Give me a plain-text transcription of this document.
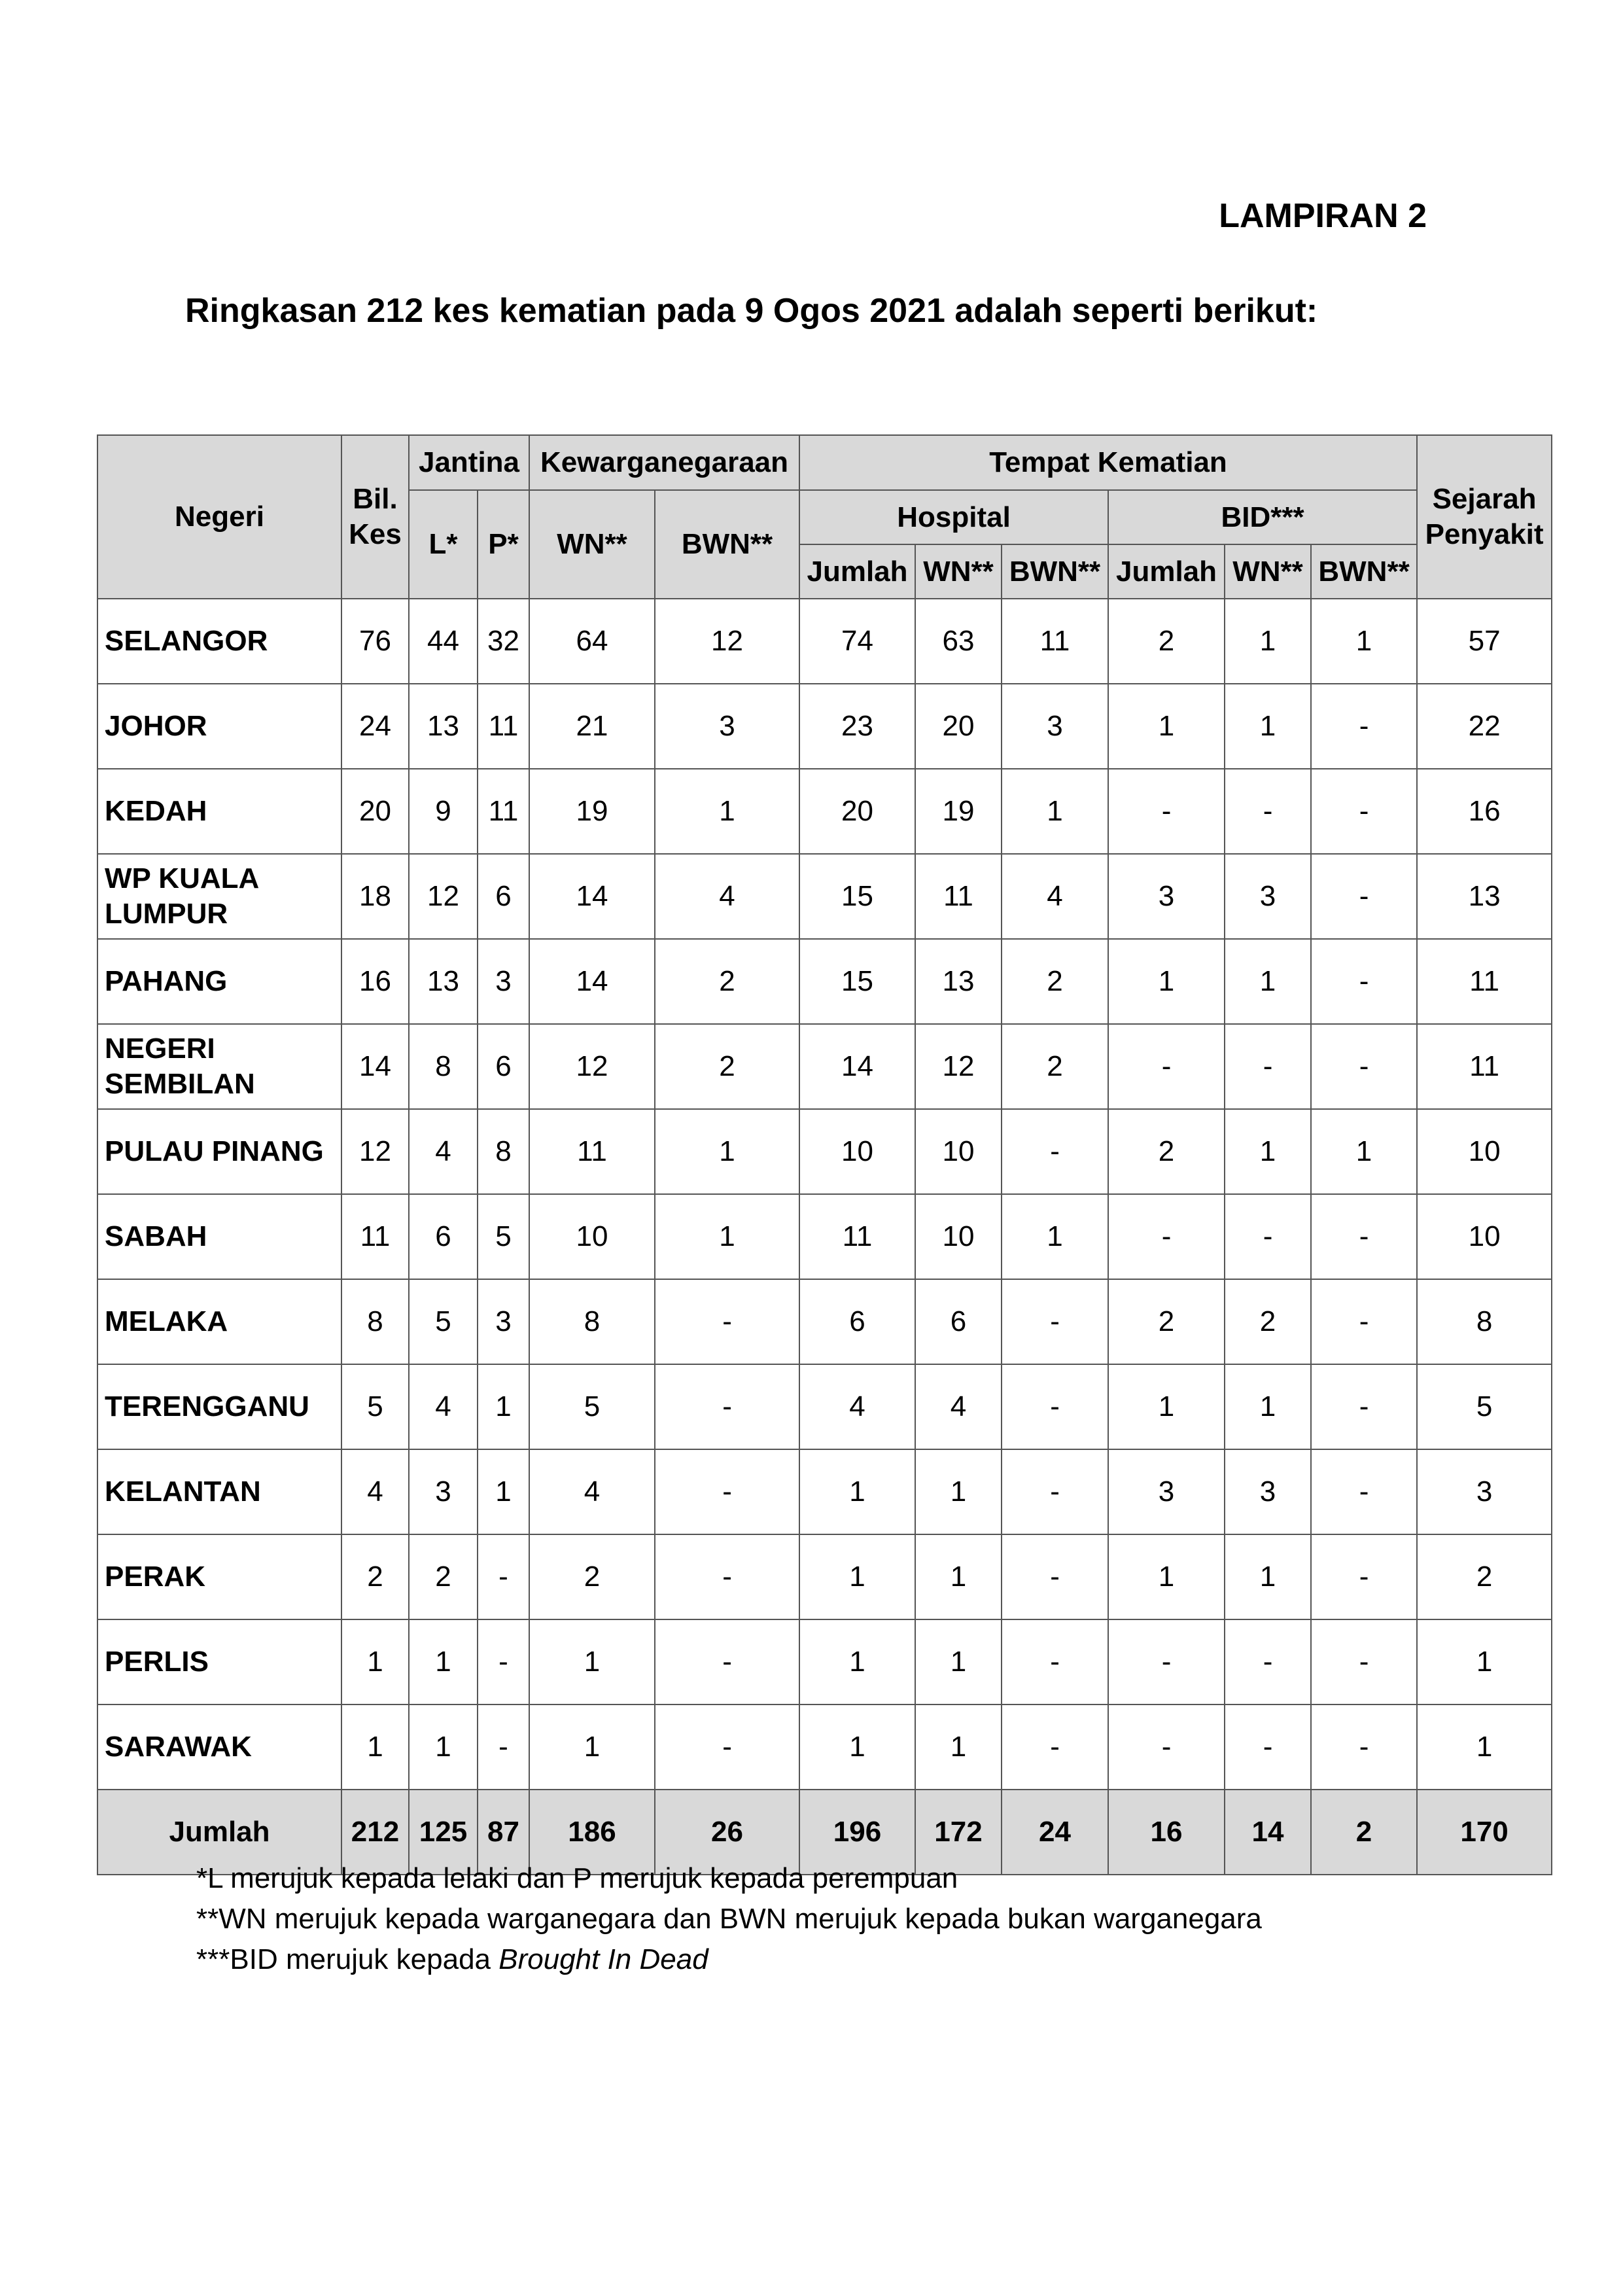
LAMPIRAN 2
Ringkasan 212 kes kematian pada 9 Ogos 2021 adalah seperti berikut:
Negeri	Bil. Kes	Jantina		Kewarganegaraan		Tempat Kematian						Sejarah Penyakit
		L*	P*	WN**	BWN**	Hospital			BID***			
						Jumlah	WN**	BWN**	Jumlah	WN**	BWN**	
SELANGOR	76	44	32	64	12	74	63	11	2	1	1	57
JOHOR	24	13	11	21	3	23	20	3	1	1	-	22
KEDAH	20	9	11	19	1	20	19	1	-	-	-	16
WP KUALA LUMPUR	18	12	6	14	4	15	11	4	3	3	-	13
PAHANG	16	13	3	14	2	15	13	2	1	1	-	11
NEGERI SEMBILAN	14	8	6	12	2	14	12	2	-	-	-	11
PULAU PINANG	12	4	8	11	1	10	10	-	2	1	1	10
SABAH	11	6	5	10	1	11	10	1	-	-	-	10
MELAKA	8	5	3	8	-	6	6	-	2	2	-	8
TERENGGANU	5	4	1	5	-	4	4	-	1	1	-	5
KELANTAN	4	3	1	4	-	1	1	-	3	3	-	3
PERAK	2	2	-	2	-	1	1	-	1	1	-	2
PERLIS	1	1	-	1	-	1	1	-	-	-	-	1
SARAWAK	1	1	-	1	-	1	1	-	-	-	-	1
Jumlah	212	125	87	186	26	196	172	24	16	14	2	170
*L merujuk kepada lelaki dan P merujuk kepada perempuan
**WN merujuk kepada warganegara dan BWN merujuk kepada bukan warganegara
***BID merujuk kepada Brought In Dead
